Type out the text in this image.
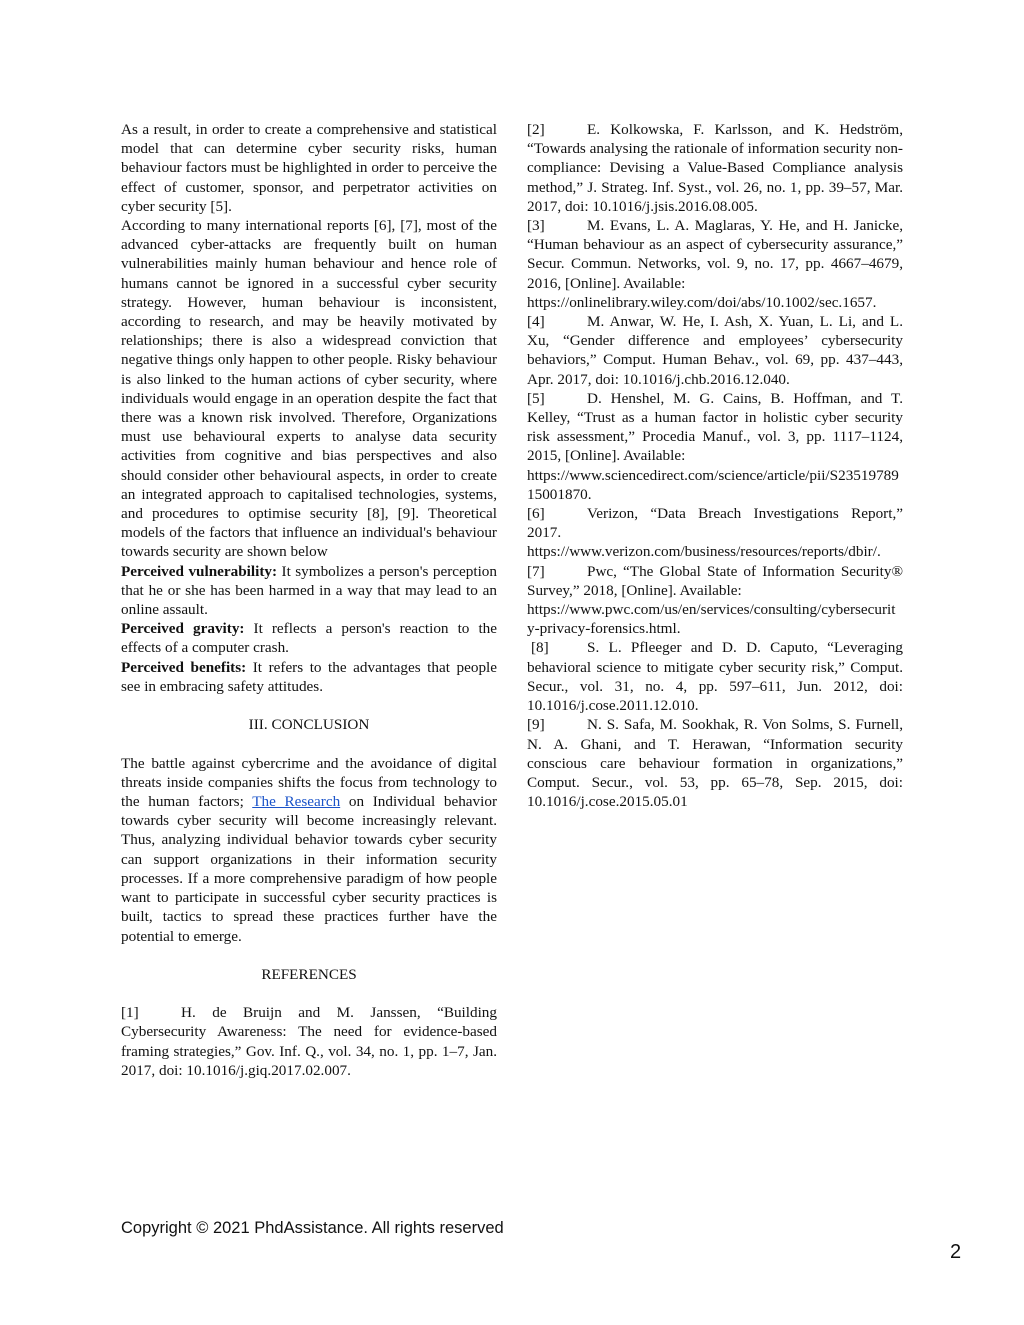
As a result, in order to create a comprehensive and statistical model that can determine cyber security risks, human behaviour factors must be highlighted in order to perceive the effect of customer, sponsor, and perpetrator activities on cyber security [5].

According to many international reports [6], [7], most of the advanced cyber-attacks are frequently built on human vulnerabilities mainly human behaviour and hence role of humans cannot be ignored in a successful cyber security strategy. However, human behaviour is inconsistent, according to research, and may be heavily motivated by relationships; there is also a widespread conviction that negative things only happen to other people. Risky behaviour is also linked to the human actions of cyber security, where individuals would engage in an operation despite the fact that there was a known risk involved. Therefore, Organizations must use behavioural experts to analyse data security activities from cognitive and bias perspectives and also should consider other behavioural aspects, in order to create an integrated approach to capitalised technologies, systems, and procedures to optimise security [8], [9]. Theoretical models of the factors that influence an individual's behaviour towards security are shown below

Perceived vulnerability: It symbolizes a person's perception that he or she has been harmed in a way that may lead to an online assault.

Perceived gravity: It reflects a person's reaction to the effects of a computer crash.

Perceived benefits: It refers to the advantages that people see in embracing safety attitudes.

III. CONCLUSION

The battle against cybercrime and the avoidance of digital threats inside companies shifts the focus from technology to the human factors; The Research on Individual behavior towards cyber security will become increasingly relevant. Thus, analyzing individual behavior towards cyber security can support organizations in their information security processes. If a more comprehensive paradigm of how people want to participate in successful cyber security practices is built, tactics to spread these practices further have the potential to emerge.

REFERENCES

[1]	H. de Bruijn and M. Janssen, “Building Cybersecurity Awareness: The need for evidence-based framing strategies,” Gov. Inf. Q., vol. 34, no. 1, pp. 1–7, Jan. 2017, doi: 10.1016/j.giq.2017.02.007.

[2]	E. Kolkowska, F. Karlsson, and K. Hedström, “Towards analysing the rationale of information security non-compliance: Devising a Value-Based Compliance analysis method,” J. Strateg. Inf. Syst., vol. 26, no. 1, pp. 39–57, Mar. 2017, doi: 10.1016/j.jsis.2016.08.005.

[3]	M. Evans, L. A. Maglaras, Y. He, and H. Janicke, “Human behaviour as an aspect of cybersecurity assurance,” Secur. Commun. Networks, vol. 9, no. 17, pp. 4667–4679, 2016, [Online]. Available:

https://onlinelibrary.wiley.com/doi/abs/10.1002/sec.1657.

[4]	M. Anwar, W. He, I. Ash, X. Yuan, L. Li, and L. Xu, “Gender difference and employees’ cybersecurity behaviors,” Comput. Human Behav., vol. 69, pp. 437–443, Apr. 2017, doi: 10.1016/j.chb.2016.12.040.

[5]	D. Henshel, M. G. Cains, B. Hoffman, and T. Kelley, “Trust as a human factor in holistic cyber security risk assessment,” Procedia Manuf., vol. 3, pp. 1117–1124, 2015, [Online]. Available:

https://www.sciencedirect.com/science/article/pii/S2351978915001870.

[6]	Verizon, “Data Breach Investigations Report,” 2017.

https://www.verizon.com/business/resources/reports/dbir/.

[7]	Pwc, “The Global State of Information Security® Survey,” 2018, [Online]. Available:

https://www.pwc.com/us/en/services/consulting/cybersecurity-privacy-forensics.html.

[8]	S. L. Pfleeger and D. D. Caputo, “Leveraging behavioral science to mitigate cyber security risk,” Comput. Secur., vol. 31, no. 4, pp. 597–611, Jun. 2012, doi: 10.1016/j.cose.2011.12.010.

[9]	N. S. Safa, M. Sookhak, R. Von Solms, S. Furnell, N. A. Ghani, and T. Herawan, “Information security conscious care behaviour formation in organizations,” Comput. Secur., vol. 53, pp. 65–78, Sep. 2015, doi: 10.1016/j.cose.2015.05.01

Copyright © 2021 PhdAssistance. All rights reserved
2
